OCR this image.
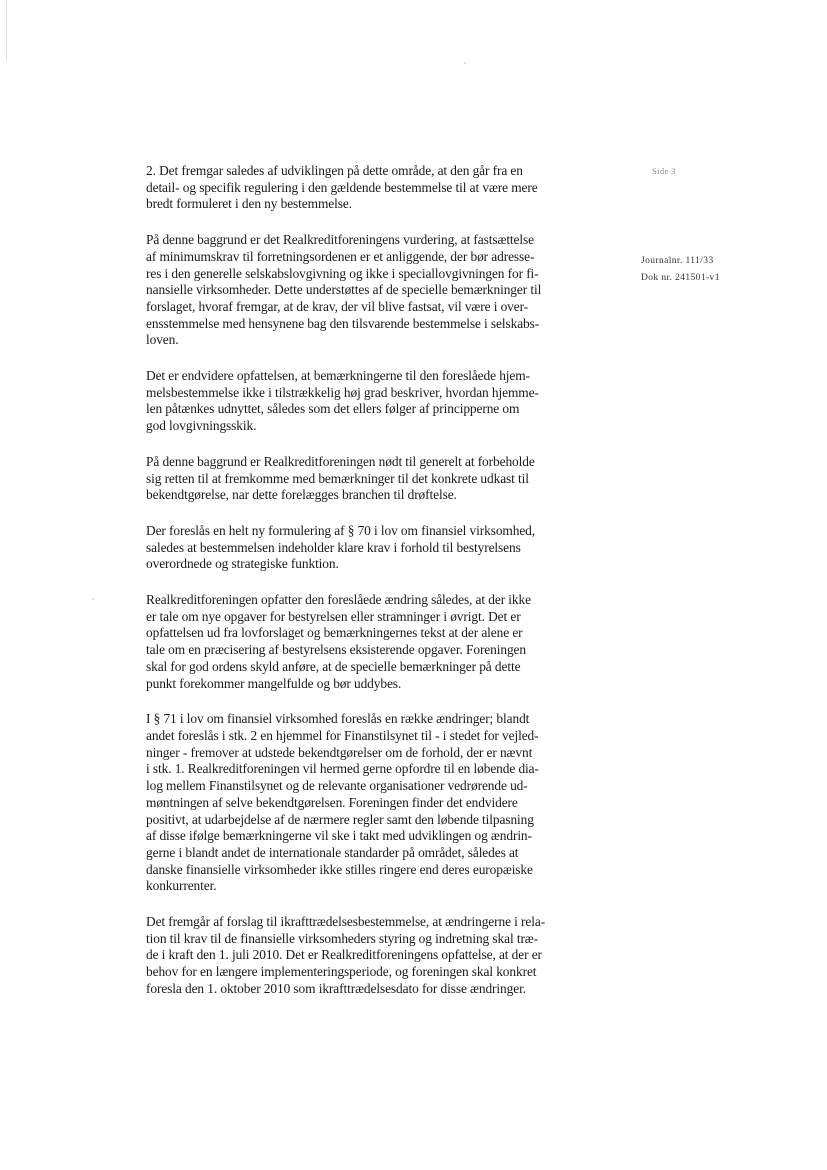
Side 3
Journalnr. 111/33
Dok nr. 241501-v1

2. Det fremgar saledes af udviklingen på dette område, at den går fra en
detail- og specifik regulering i den gældende bestemmelse til at være mere
bredt formuleret i den ny bestemmelse.

På denne baggrund er det Realkreditforeningens vurdering, at fastsættelse
af minimumskrav til forretningsordenen er et anliggende, der bør adresse-
res i den generelle selskabslovgivning og ikke i speciallovgivningen for fi-
nansielle virksomheder. Dette understøttes af de specielle bemærkninger til
forslaget, hvoraf fremgar, at de krav, der vil blive fastsat, vil være i over-
ensstemmelse med hensynene bag den tilsvarende bestemmelse i selskabs-
loven.

Det er endvidere opfattelsen, at bemærkningerne til den foreslåede hjem-
melsbestemmelse ikke i tilstrækkelig høj grad beskriver, hvordan hjemme-
len påtænkes udnyttet, således som det ellers følger af principperne om
god lovgivningsskik.

På denne baggrund er Realkreditforeningen nødt til generelt at forbeholde
sig retten til at fremkomme med bemærkninger til det konkrete udkast til
bekendtgørelse, nar dette forelægges branchen til drøftelse.

Der foreslås en helt ny formulering af § 70 i lov om finansiel virksomhed,
saledes at bestemmelsen indeholder klare krav i forhold til bestyrelsens
overordnede og strategiske funktion.

Realkreditforeningen opfatter den foreslåede ændring således, at der ikke
er tale om nye opgaver for bestyrelsen eller stramninger i øvrigt. Det er
opfattelsen ud fra lovforslaget og bemærkningernes tekst at der alene er
tale om en præcisering af bestyrelsens eksisterende opgaver. Foreningen
skal for god ordens skyld anføre, at de specielle bemærkninger på dette
punkt forekommer mangelfulde og bør uddybes.

I § 71 i lov om finansiel virksomhed foreslås en række ændringer; blandt
andet foreslås i stk. 2 en hjemmel for Finanstilsynet til - i stedet for vejled-
ninger - fremover at udstede bekendtgørelser om de forhold, der er nævnt
i stk. 1. Realkreditforeningen vil hermed gerne opfordre til en løbende dia-
log mellem Finanstilsynet og de relevante organisationer vedrørende ud-
møntningen af selve bekendtgørelsen. Foreningen finder det endvidere
positivt, at udarbejdelse af de nærmere regler samt den løbende tilpasning
af disse ifølge bemærkningerne vil ske i takt med udviklingen og ændrin-
gerne i blandt andet de internationale standarder på området, således at
danske finansielle virksomheder ikke stilles ringere end deres europæiske
konkurrenter.

Det fremgår af forslag til ikrafttrædelsesbestemmelse, at ændringerne i rela-
tion til krav til de finansielle virksomheders styring og indretning skal træ-
de i kraft den 1. juli 2010. Det er Realkreditforeningens opfattelse, at der er
behov for en længere implementeringsperiode, og foreningen skal konkret
foresla den 1. oktober 2010 som ikrafttrædelsesdato for disse ændringer.
